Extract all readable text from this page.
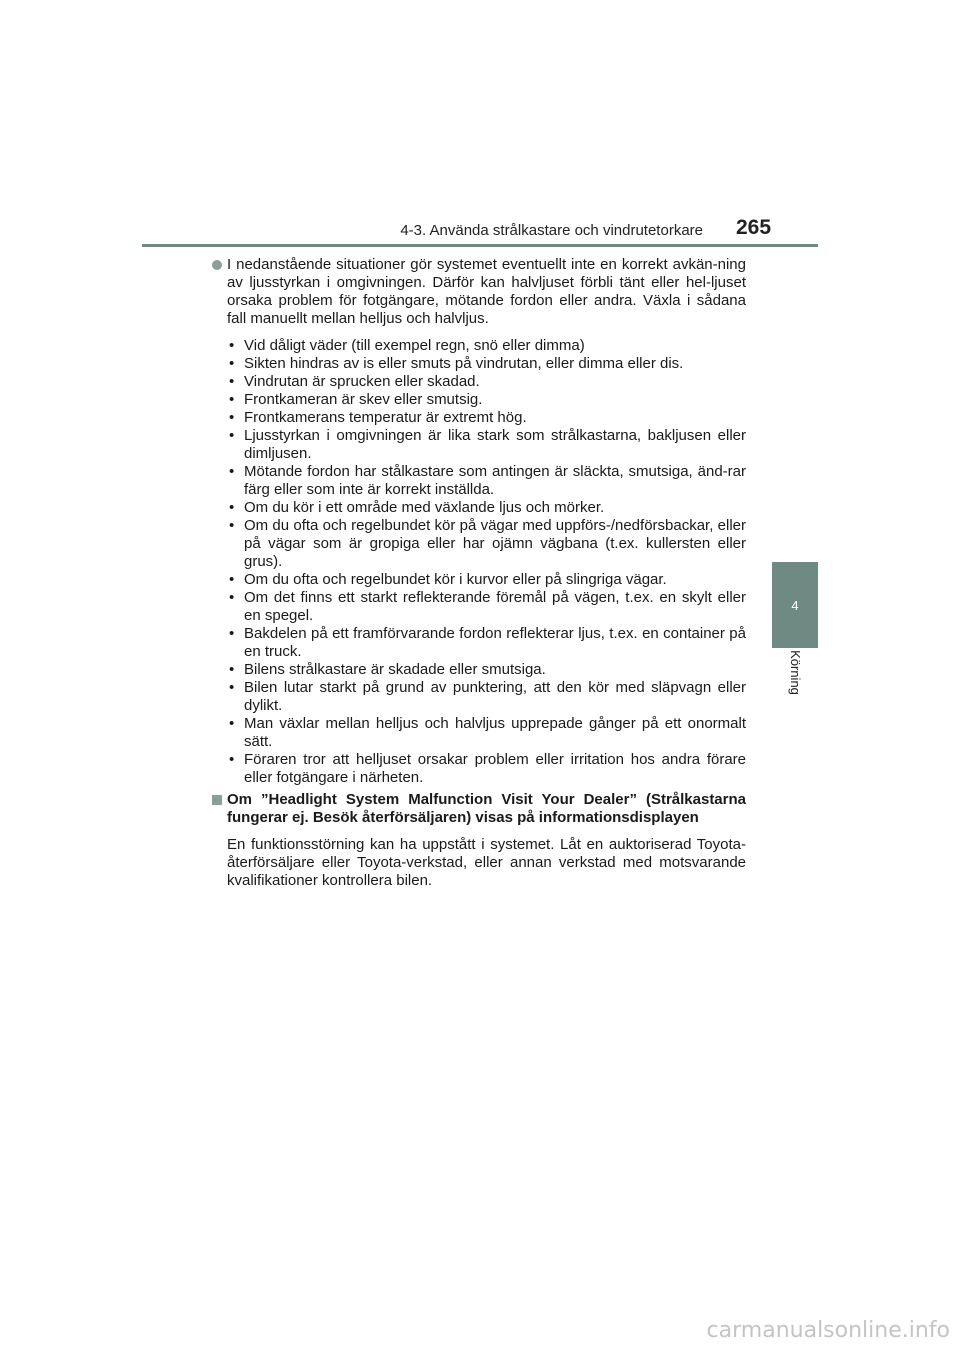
4-3. Använda strålkastare och vindrutetorkare 265
4
Körning

I nedanstående situationer gör systemet eventuellt inte en korrekt avkän-ning av ljusstyrkan i omgivningen. Därför kan halvljuset förbli tänt eller hel-ljuset orsaka problem för fotgängare, mötande fordon eller andra. Växla i sådana fall manuellt mellan helljus och halvljus.

• Vid dåligt väder (till exempel regn, snö eller dimma)
• Sikten hindras av is eller smuts på vindrutan, eller dimma eller dis.
• Vindrutan är sprucken eller skadad.
• Frontkameran är skev eller smutsig.
• Frontkamerans temperatur är extremt hög.
• Ljusstyrkan i omgivningen är lika stark som strålkastarna, bakljusen eller dimljusen.
• Mötande fordon har stålkastare som antingen är släckta, smutsiga, änd-rar färg eller som inte är korrekt inställda.
• Om du kör i ett område med växlande ljus och mörker.
• Om du ofta och regelbundet kör på vägar med uppförs-/nedförsbackar, eller på vägar som är gropiga eller har ojämn vägbana (t.ex. kullersten eller grus).
• Om du ofta och regelbundet kör i kurvor eller på slingriga vägar.
• Om det finns ett starkt reflekterande föremål på vägen, t.ex. en skylt eller en spegel.
• Bakdelen på ett framförvarande fordon reflekterar ljus, t.ex. en container på en truck.
• Bilens strålkastare är skadade eller smutsiga.
• Bilen lutar starkt på grund av punktering, att den kör med släpvagn eller dylikt.
• Man växlar mellan helljus och halvljus upprepade gånger på ett onormalt sätt.
• Föraren tror att helljuset orsakar problem eller irritation hos andra förare eller fotgängare i närheten.
Om ”Headlight System Malfunction Visit Your Dealer” (Strålkastarna fungerar ej. Besök återförsäljaren) visas på informationsdisplayen

En funktionsstörning kan ha uppstått i systemet. Låt en auktoriserad Toyota-återförsäljare eller Toyota-verkstad, eller annan verkstad med motsvarande kvalifikationer kontrollera bilen.

carmanualsonline.info
